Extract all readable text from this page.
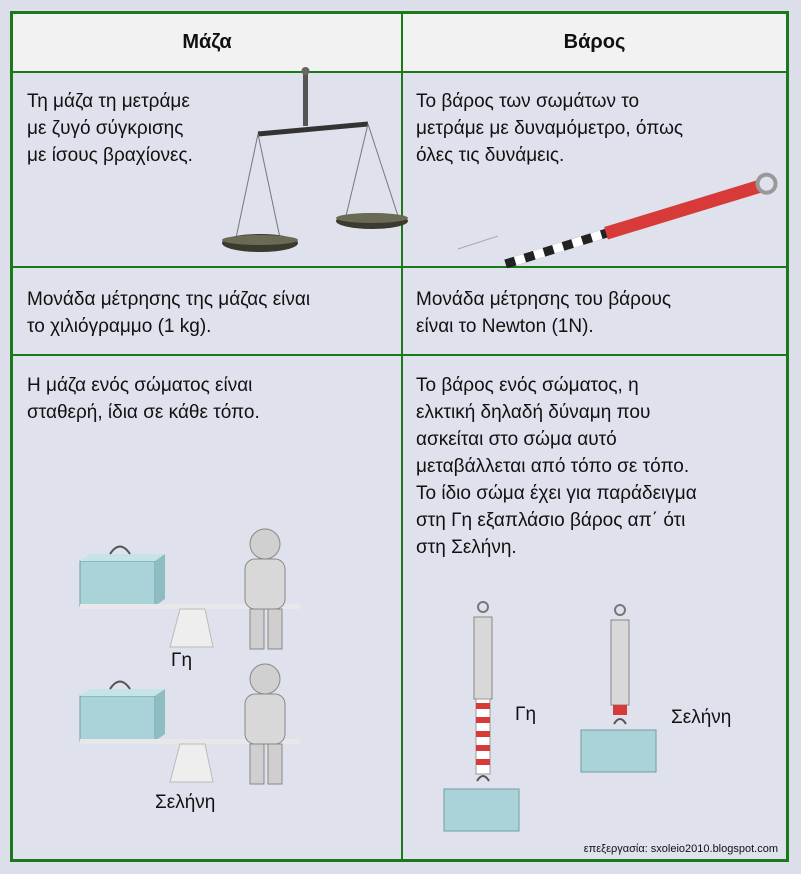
Μάζα	Βάρος
Τη μάζα τη μετράμε
με ζυγό σύγκρισης
με ίσους βραχίονες.
Το βάρος των σωμάτων το
μετράμε με δυναμόμετρο, όπως
όλες τις δυνάμεις.
Μονάδα μέτρησης της μάζας είναι
το χιλιόγραμμο (1 kg).
Μονάδα μέτρησης του βάρους
είναι το Newton (1N).
Η μάζα ενός σώματος είναι
σταθερή, ίδια σε κάθε τόπο.
Το βάρος ενός σώματος, η
ελκτική δηλαδή δύναμη που
ασκείται στο σώμα αυτό
μεταβάλλεται από τόπο σε τόπο.
Το ίδιο σώμα έχει για παράδειγμα
στη Γη εξαπλάσιο βάρος απ΄ ότι
στη Σελήνη.
Γη
Σελήνη
Γη	Σελήνη
επεξεργασία: sxoleio2010.blogspot.com
